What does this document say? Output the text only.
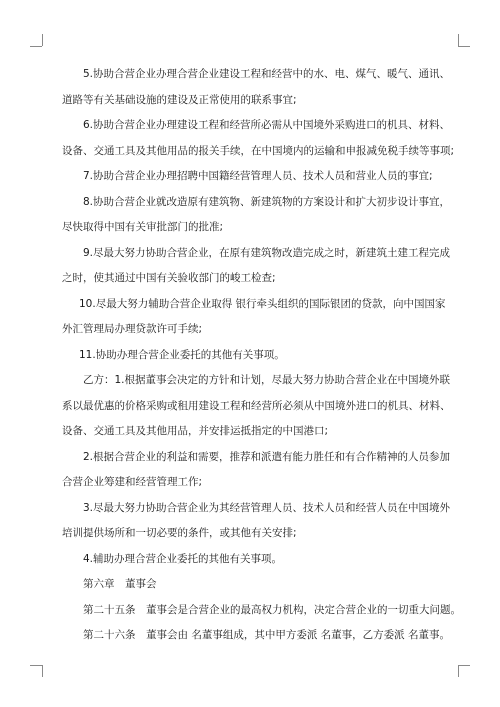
5.协助合营企业办理合营企业建设工程和经营中的水、电、煤气、暖气、通讯、

道路等有关基础设施的建设及正常使用的联系事宜;

6.协助合营企业办理建设工程和经营所必需从中国境外采购进口的机具、材料、

设备、交通工具及其他用品的报关手续，在中国境内的运输和申报减免税手续等事项;

7.协助合营企业办理招聘中国籍经营管理人员、技术人员和营业人员的事宜;

8.协助合营企业就改造原有建筑物、新建筑物的方案设计和扩大初步设计事宜，

尽快取得中国有关审批部门的批准;

9.尽最大努力协助合营企业，在原有建筑物改造完成之时，新建筑土建工程完成

之时，使其通过中国有关验收部门的峻工检查;

10.尽最大努力辅助合营企业取得 银行牵头组织的国际银团的贷款，向中国国家

外汇管理局办理贷款许可手续;

11.协助办理合营企业委托的其他有关事项。

乙方：1.根据董事会决定的方针和计划，尽最大努力协助合营企业在中国境外联

系以最优惠的价格采购或租用建设工程和经营所必须从中国境外进口的机具、材料、

设备、交通工具及其他用品，并安排运抵指定的中国港口;

2.根据合营企业的利益和需要，推荐和派遣有能力胜任和有合作精神的人员参加

合营企业筹建和经营管理工作;

3.尽最大努力协助合营企业为其经营管理人员、技术人员和经营人员在中国境外

培训提供场所和一切必要的条件，或其他有关安排;

4.辅助办理合营企业委托的其他有关事项。

第六章　董事会

第二十五条　董事会是合营企业的最高权力机构，决定合营企业的一切重大问题。

第二十六条　董事会由 名董事组成，其中甲方委派 名董事，乙方委派 名董事。
